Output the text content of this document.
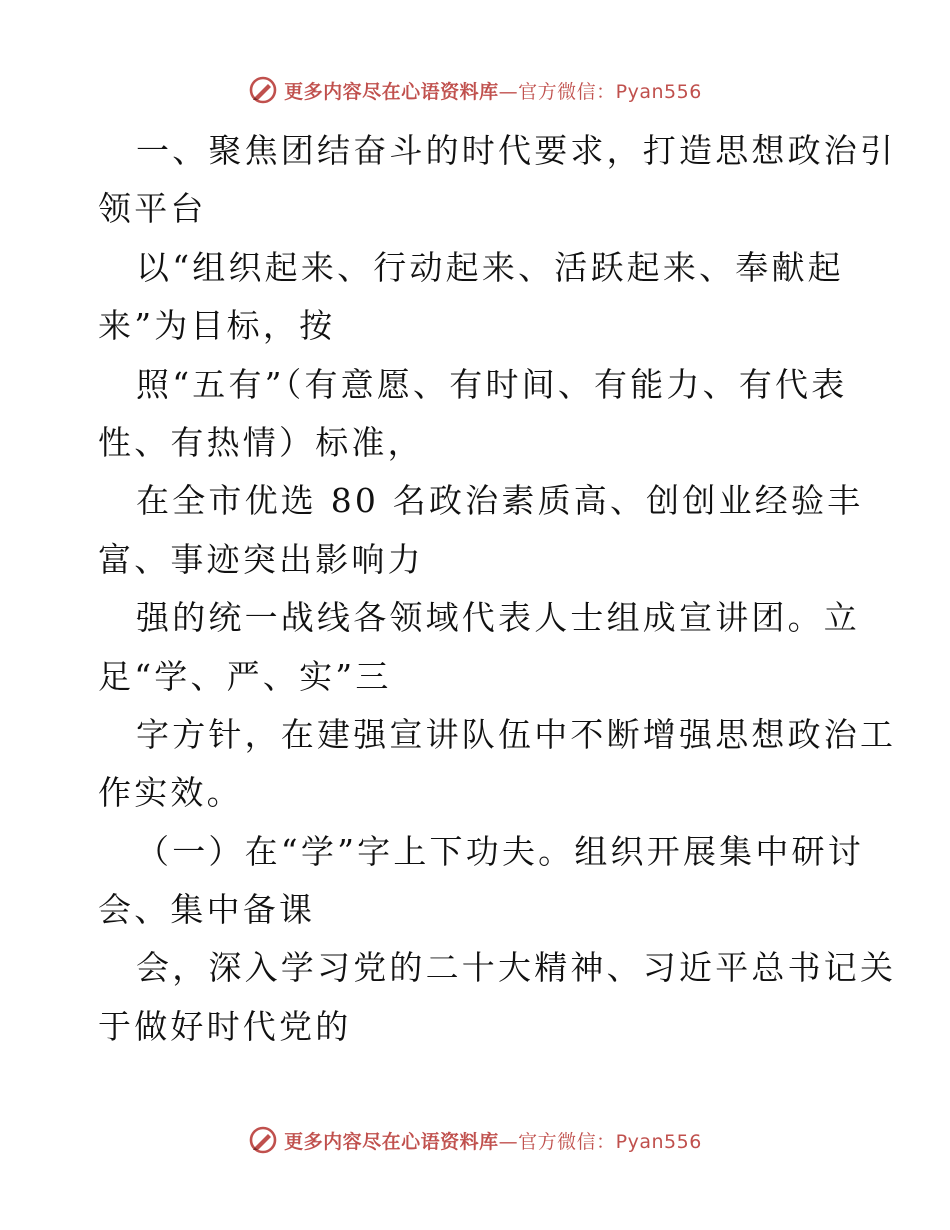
更多内容尽在心语资料库—官方微信：Pyan556
一、聚焦团结奋斗的时代要求，打造思想政治引
领平台
以“组织起来、行动起来、活跃起来、奉献起
来”为目标，按
照“五有”（有意愿、有时间、有能力、有代表
性、有热情）标准，
在全市优选 80 名政治素质高、创创业经验丰
富、事迹突出影响力
强的统一战线各领域代表人士组成宣讲团。立
足“学、严、实”三
字方针，在建强宣讲队伍中不断增强思想政治工
作实效。
（一）在“学”字上下功夫。组织开展集中研讨
会、集中备课
会，深入学习党的二十大精神、习近平总书记关
于做好时代党的
更多内容尽在心语资料库—官方微信：Pyan556
